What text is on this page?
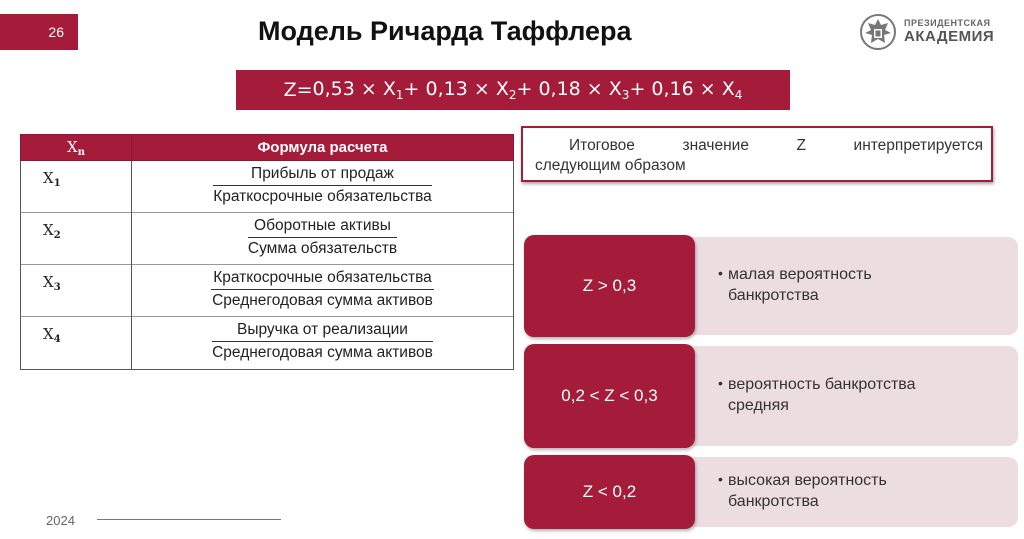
26	Модель Ричарда Таффлера	ПРЕЗИДЕНТСКАЯ
АКАДЕМИЯ
$Z = 0,53 \times X_1 + 0,13 \times X_2 + 0,18 \times X_3 + 0,16 \times X_4$
$X_n$	Формула расчета
$X_1$	$\frac{\text{Прибыль от продаж}}{\text{Краткосрочные обязательства}}$

$X_2$	$\frac{\text{Оборотные активы}}{\text{Сумма обязательств}}$

$X_3$	$\frac{\text{Краткосрочные обязательства}}{\text{Среднегодовая сумма активов}}$

$X_4$	$\frac{\text{Выручка от реализации}}{\text{Среднегодовая сумма активов}}$
Итоговое значение Z интерпретируется
следующим образом
Z > 0,3
• малая вероятность
банкротства
0,2 < Z < 0,3
• вероятность банкротства
средняя
Z < 0,2
• высокая вероятность
банкротства
2024
